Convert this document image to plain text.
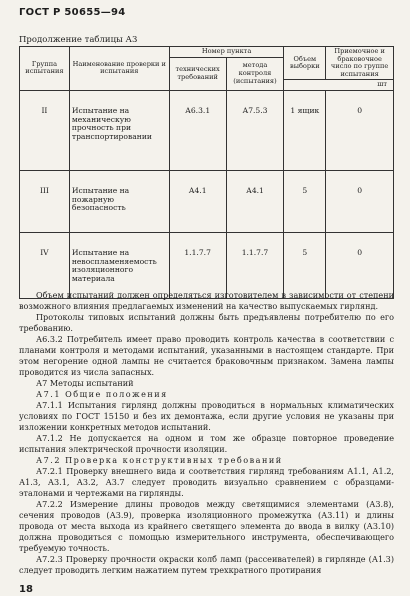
ГОСТ Р 50655—94
Продолжение таблицы А3
Группа испытания	Наименование проверки и испытания	Номер пункта		Объем выборки	Приемочное и браковочное число по группе испытания
		технических требований	метода контроля (испытания)		
				шт	
II	Испытание на механическую прочность при транспортировании	А6.3.1	А7.5.3	1 ящик	0
III	Испытание на пожарную безопасность	А4.1	А4.1	5	0
IV	Испытание на невоспламеняемость изоляционного материала	1.1.7.7	1.1.7.7	5	0

Объем испытаний должен определяться изготовителем в зависимости от степени возможного влияния предлагаемых изменений на качество выпускаемых гирлянд.

Протоколы типовых испытаний должны быть предъявлены потребителю по его требованию.

А6.3.2 Потребитель имеет право проводить контроль качества в соответствии с планами контроля и методами испытаний, указанными в настоящем стандарте. При этом негорение одной лампы не считается браковочным признаком. Замена лампы проводится из числа запасных.

А7 Методы испытаний

А7.1 Общие положения

А7.1.1 Испытания гирлянд должны проводиться в нормальных климатических условиях по ГОСТ 15150 и без их демонтажа, если другие условия не указаны при изложении конкретных методов испытаний.

А7.1.2 Не допускается на одном и том же образце повторное проведение испытания электрической прочности изоляции.

А7.2 Проверка конструктивных требований

А7.2.1 Проверку внешнего вида и соответствия гирлянд требованиям А1.1, А1.2, А1.3, А3.1, А3.2, А3.7 следует проводить визуально сравнением с образцами-эталонами и чертежами на гирлянды.

А7.2.2 Измерение длины проводов между светящимися элементами (А3.8), сечения проводов (А3.9), проверка изоляционного промежутка (А3.11) и длины провода от места выхода из крайнего светящего элемента до ввода в вилку (А3.10) должна проводиться с помощью измерительного инструмента, обеспечивающего требуемую точность.

А7.2.3 Проверку прочности окраски колб ламп (рассеивателей) в гирлянде (А1.3) следует проводить легким нажатием путем трехкратного протирания

18
